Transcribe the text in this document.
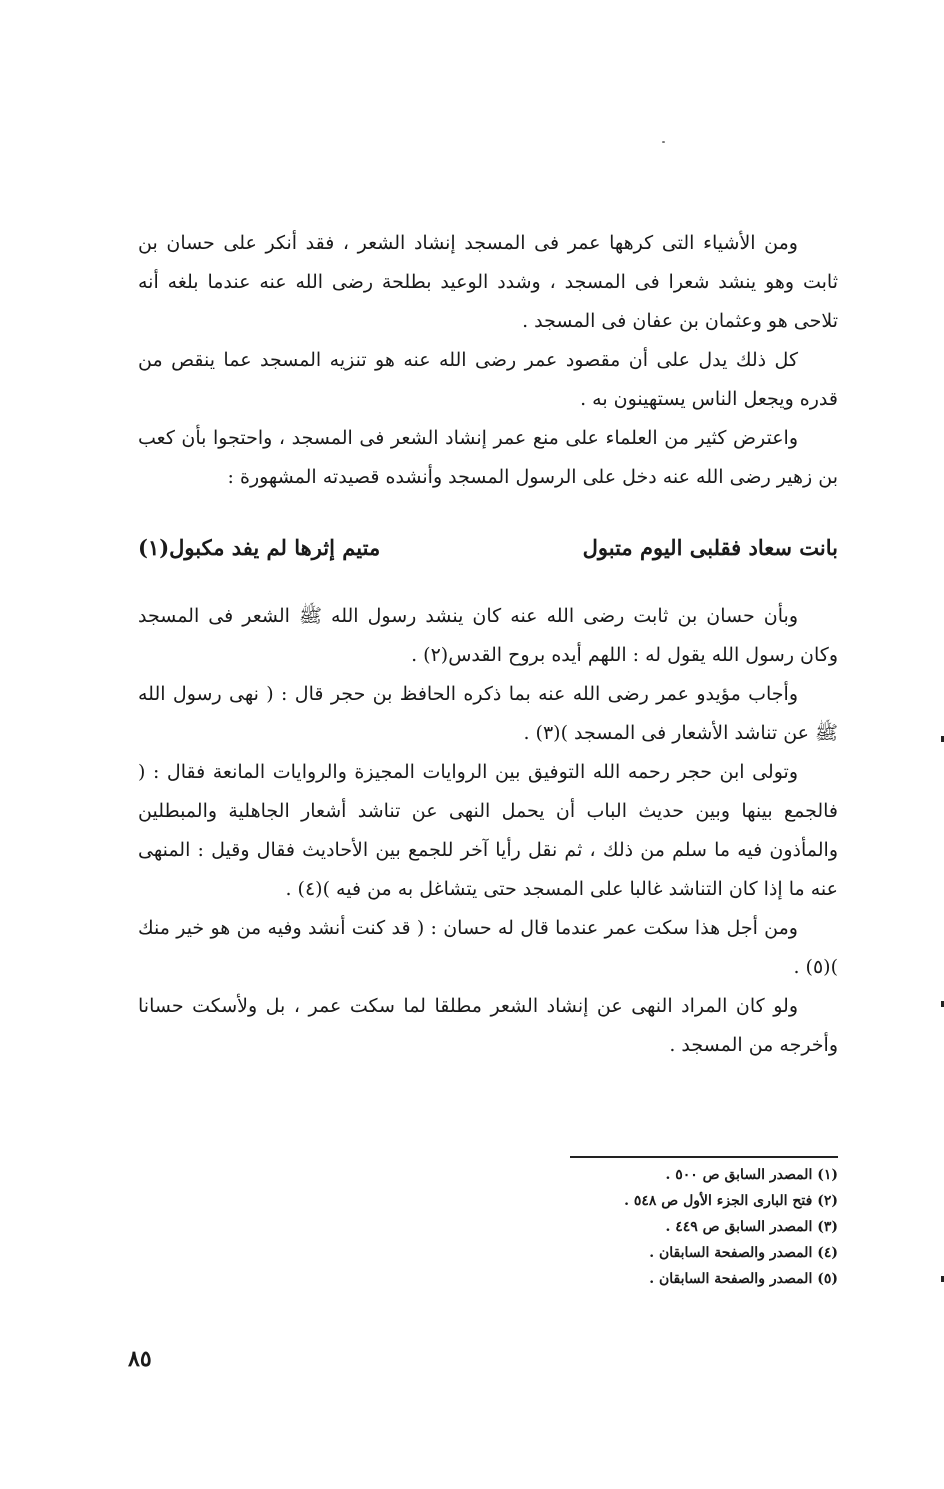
ومن الأشياء التى كرهها عمر فى المسجد إنشاد الشعر ، فقد أنكر على حسان بن ثابت وهو ينشد شعرا فى المسجد ، وشدد الوعيد بطلحة رضى الله عنه عندما بلغه أنه تلاحى هو وعثمان بن عفان فى المسجد .

كل ذلك يدل على أن مقصود عمر رضى الله عنه هو تنزيه المسجد عما ينقص من قدره ويجعل الناس يستهينون به .

واعترض كثير من العلماء على منع عمر إنشاد الشعر فى المسجد ، واحتجوا بأن كعب بن زهير رضى الله عنه دخل على الرسول المسجد وأنشده قصيدته المشهورة :

بانت سعاد فقلبى اليوم متبول
متيم إثرها لم يفد مكبول(١)

وبأن حسان بن ثابت رضى الله عنه كان ينشد رسول الله ﷺ الشعر فى المسجد وكان رسول الله يقول له : اللهم أيده بروح القدس(٢) .

وأجاب مؤيدو عمر رضى الله عنه بما ذكره الحافظ بن حجر قال : ( نهى رسول الله ﷺ عن تناشد الأشعار فى المسجد )(٣) .

وتولى ابن حجر رحمه الله التوفيق بين الروايات المجيزة والروايات المانعة فقال : ( فالجمع بينها وبين حديث الباب أن يحمل النهى عن تناشد أشعار الجاهلية والمبطلين والمأذون فيه ما سلم من ذلك ، ثم نقل رأيا آخر للجمع بين الأحاديث فقال وقيل : المنهى عنه ما إذا كان التناشد غالبا على المسجد حتى يتشاغل به من فيه )(٤) .

ومن أجل هذا سكت عمر عندما قال له حسان : ( قد كنت أنشد وفيه من هو خير منك )(٥) .

ولو كان المراد النهى عن إنشاد الشعر مطلقا لما سكت عمر ، بل ولأسكت حسانا وأخرجه من المسجد .

(١) المصدر السابق ص ٥٠٠ .

(٢) فتح البارى الجزء الأول ص ٥٤٨ .

(٣) المصدر السابق ص ٤٤٩ .

(٤) المصدر والصفحة السابقان .

(٥) المصدر والصفحة السابقان .

٨٥
